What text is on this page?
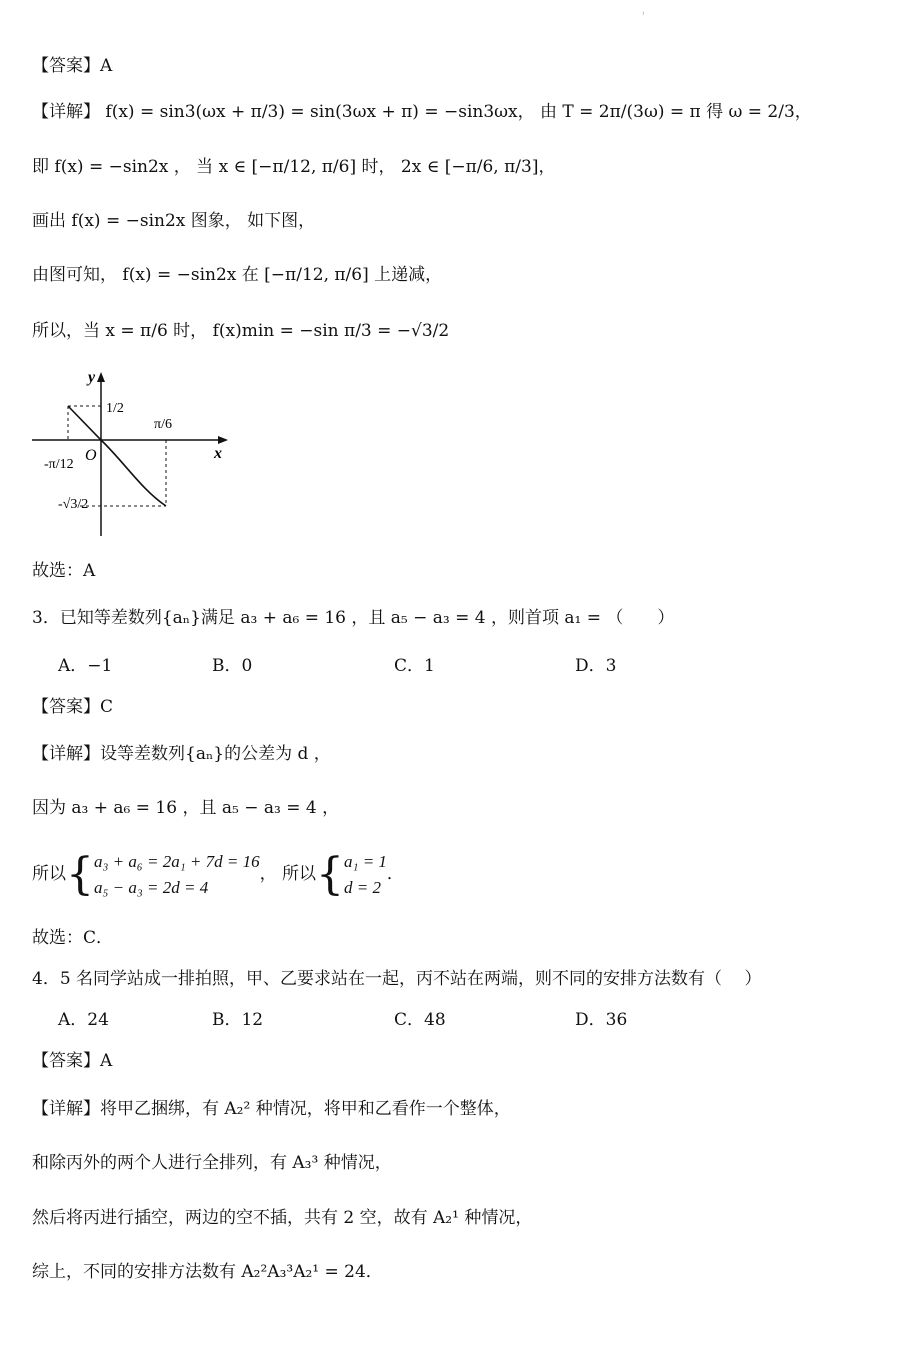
ⁱ
【答案】A
【详解】 f(x) = sin3(ωx + π/3) = sin(3ωx + π) = −sin3ωx， 由 T = 2π/(3ω) = π 得 ω = 2/3，
即 f(x) = −sin2x ， 当 x ∈ [−π/12, π/6] 时， 2x ∈ [−π/6, π/3]，
画出 f(x) = −sin2x 图象， 如下图，
由图可知， f(x) = −sin2x 在 [−π/12, π/6] 上递减，
所以，当 x = π/6 时， f(x)min = −sin π/3 = −√3/2
y
x
O
1/2
π/6
-π/12
-√3/2
故选：A
3．已知等差数列{aₙ}满足 a₃ + a₆ = 16 ，且 a₅ − a₃ = 4 ，则首项 a₁ = （　　）
A．−1	B．0	C．1	D．3
【答案】C
【详解】设等差数列{aₙ}的公差为 d ，
因为 a₃ + a₆ = 16 ，且 a₅ − a₃ = 4 ，
所以{ a₃ + a₆ = 2a₁ + 7d = 16
a₅ − a₃ = 2d = 4
， 所以{ a₁ = 1
d = 2
．
故选：C．
4．5 名同学站成一排拍照，甲、乙要求站在一起，丙不站在两端，则不同的安排方法数有（　 ）
A．24	B．12	C．48	D．36
【答案】A
【详解】将甲乙捆绑，有 A₂² 种情况，将甲和乙看作一个整体，
和除丙外的两个人进行全排列，有 A₃³ 种情况，
然后将丙进行插空，两边的空不插，共有 2 空，故有 A₂¹ 种情况，
综上，不同的安排方法数有 A₂²A₃³A₂¹ = 24．
